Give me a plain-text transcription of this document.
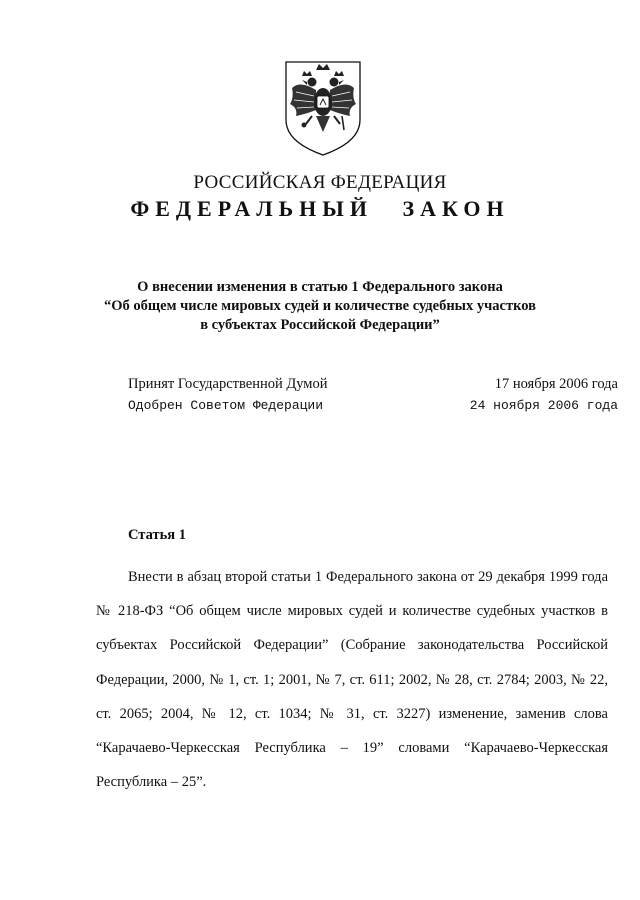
РОССИЙСКАЯ ФЕДЕРАЦИЯ
ФЕДЕРАЛЬНЫЙ ЗАКОН
О внесении изменения в статью 1 Федерального закона
“Об общем числе мировых судей и количестве судебных участков
в субъектах Российской Федерации”
Принят Государственной Думой	17 ноября 2006 года
Одобрен Советом Федерации	24 ноября 2006 года
Статья 1

Внести в абзац второй статьи 1 Федерального закона от 29 декабря 1999 года № 218-ФЗ “Об общем числе мировых судей и количестве судебных участков в субъектах Российской Федерации” (Собрание законодательства Российской Федерации, 2000, № 1, ст. 1; 2001, № 7, ст. 611; 2002, № 28, ст. 2784; 2003, № 22, ст. 2065; 2004, № 12, ст. 1034; № 31, ст. 3227) изменение, заменив слова “Карачаево-Черкесская Республика – 19” словами “Карачаево-Черкесская Республика – 25”.
